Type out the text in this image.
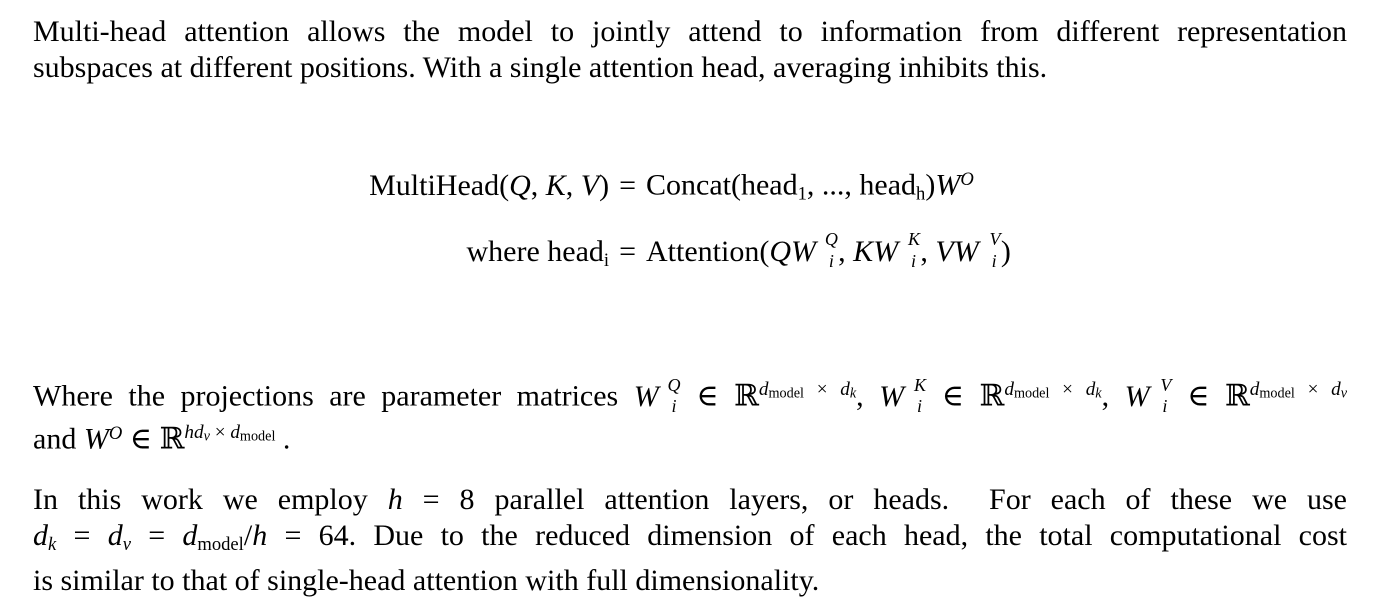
Multi-head attention allows the model to jointly attend to information from different representation
subspaces at different positions. With a single attention head, averaging inhibits this.
MultiHead(Q, K, V) = Concat(head1, ..., $headh)W^O$
where headi = Attention(QW Q
i , KW K
i , VW V
i )
Where the projections are parameter matrices W Q
i ∈ ℝ$^{dmodel \times dk}$, W K
i ∈ ℝ$^{dmodel \times dk}$, W V
i ∈ ℝ$^{dmodel \times dv}$
and $W^O$ ∈ ℝ$^{hdv \times dmodel}$ .
In this work we employ h = 8 parallel attention layers, or heads.  For each of these we use
dk = dv = dmodel/h = 64. Due to the reduced dimension of each head, the total computational cost
is similar to that of single-head attention with full dimensionality.
